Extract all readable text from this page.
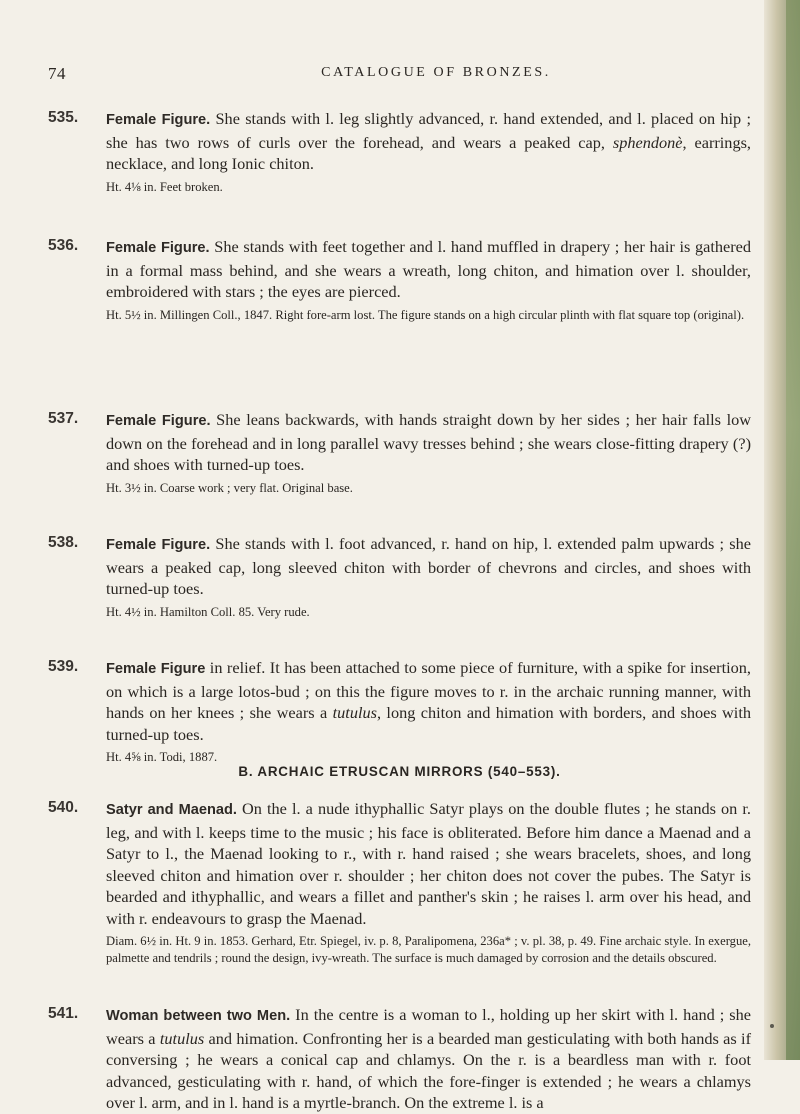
74	CATALOGUE OF BRONZES.
535. Female Figure. She stands with l. leg slightly advanced, r. hand extended, and l. placed on hip ; she has two rows of curls over the forehead, and wears a peaked cap, sphendonè, earrings, necklace, and long Ionic chiton.
Ht. 4⅛ in. Feet broken.
536. Female Figure. She stands with feet together and l. hand muffled in drapery ; her hair is gathered in a formal mass behind, and she wears a wreath, long chiton, and himation over l. shoulder, embroidered with stars ; the eyes are pierced.
Ht. 5½ in. Millingen Coll., 1847. Right fore-arm lost. The figure stands on a high circular plinth with flat square top (original).
537. Female Figure. She leans backwards, with hands straight down by her sides ; her hair falls low down on the forehead and in long parallel wavy tresses behind ; she wears close-fitting drapery (?) and shoes with turned-up toes.
Ht. 3½ in. Coarse work ; very flat. Original base.
538. Female Figure. She stands with l. foot advanced, r. hand on hip, l. extended palm upwards ; she wears a peaked cap, long sleeved chiton with border of chevrons and circles, and shoes with turned-up toes.
Ht. 4½ in. Hamilton Coll. 85. Very rude.
539. Female Figure in relief. It has been attached to some piece of furniture, with a spike for insertion, on which is a large lotos-bud ; on this the figure moves to r. in the archaic running manner, with hands on her knees ; she wears a tutulus, long chiton and himation with borders, and shoes with turned-up toes.
Ht. 4⅝ in. Todi, 1887.
B. ARCHAIC ETRUSCAN MIRRORS (540–553).
540. Satyr and Maenad. On the l. a nude ithyphallic Satyr plays on the double flutes ; he stands on r. leg, and with l. keeps time to the music ; his face is obliterated. Before him dance a Maenad and a Satyr to l., the Maenad looking to r., with r. hand raised ; she wears bracelets, shoes, and long sleeved chiton and himation over r. shoulder ; her chiton does not cover the pubes. The Satyr is bearded and ithyphallic, and wears a fillet and panther's skin ; he raises l. arm over his head, and with r. endeavours to grasp the Maenad.
Diam. 6½ in. Ht. 9 in. 1853. Gerhard, Etr. Spiegel, iv. p. 8, Paralipomena, 236a* ; v. pl. 38, p. 49. Fine archaic style. In exergue, palmette and tendrils ; round the design, ivy-wreath. The surface is much damaged by corrosion and the details obscured.
541. Woman between two Men. In the centre is a woman to l., holding up her skirt with l. hand ; she wears a tutulus and himation. Confronting her is a bearded man gesticulating with both hands as if conversing ; he wears a conical cap and chlamys. On the r. is a beardless man with r. foot advanced, gesticulating with r. hand, of which the fore-finger is extended ; he wears a chlamys over l. arm, and in l. hand is a myrtle-branch. On the extreme l. is a
